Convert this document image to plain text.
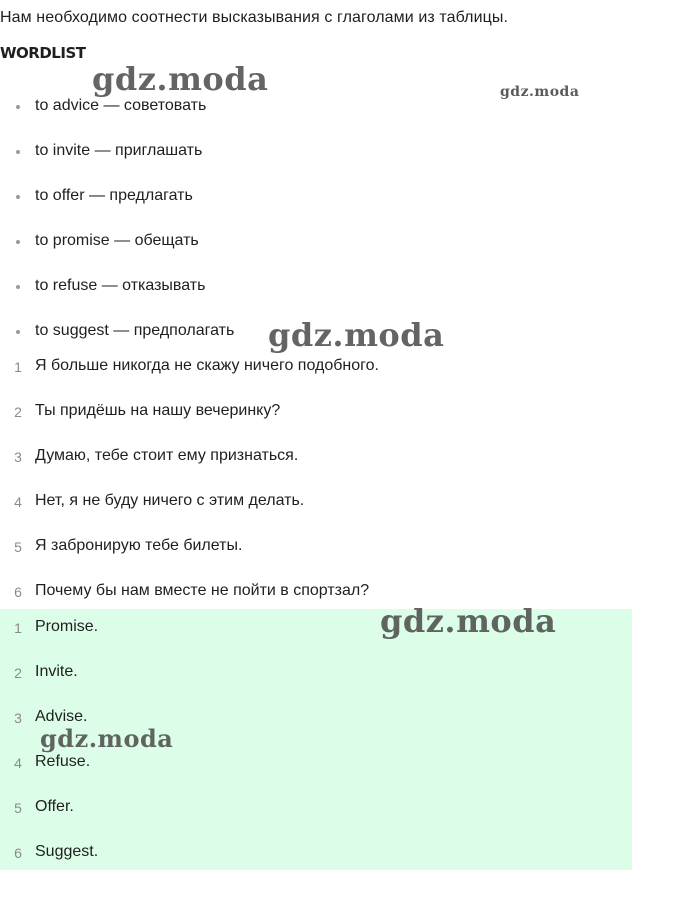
Нам необходимо соотнести высказывания с глаголами из таблицы.
WORDLIST
to advice — советовать
to invite — приглашать
to offer — предлагать
to promise — обещать
to refuse — отказывать
to suggest — предполагать
1 Я больше никогда не скажу ничего подобного.
2 Ты придёшь на нашу вечеринку?
3 Думаю, тебе стоит ему признаться.
4 Нет, я не буду ничего с этим делать.
5 Я забронирую тебе билеты.
6 Почему бы нам вместе не пойти в спортзал?
1 Promise.
2 Invite.
3 Advise.
4 Refuse.
5 Offer.
6 Suggest.
gdz.moda	gdz.moda
gdz.moda
gdz.moda
gdz.moda
